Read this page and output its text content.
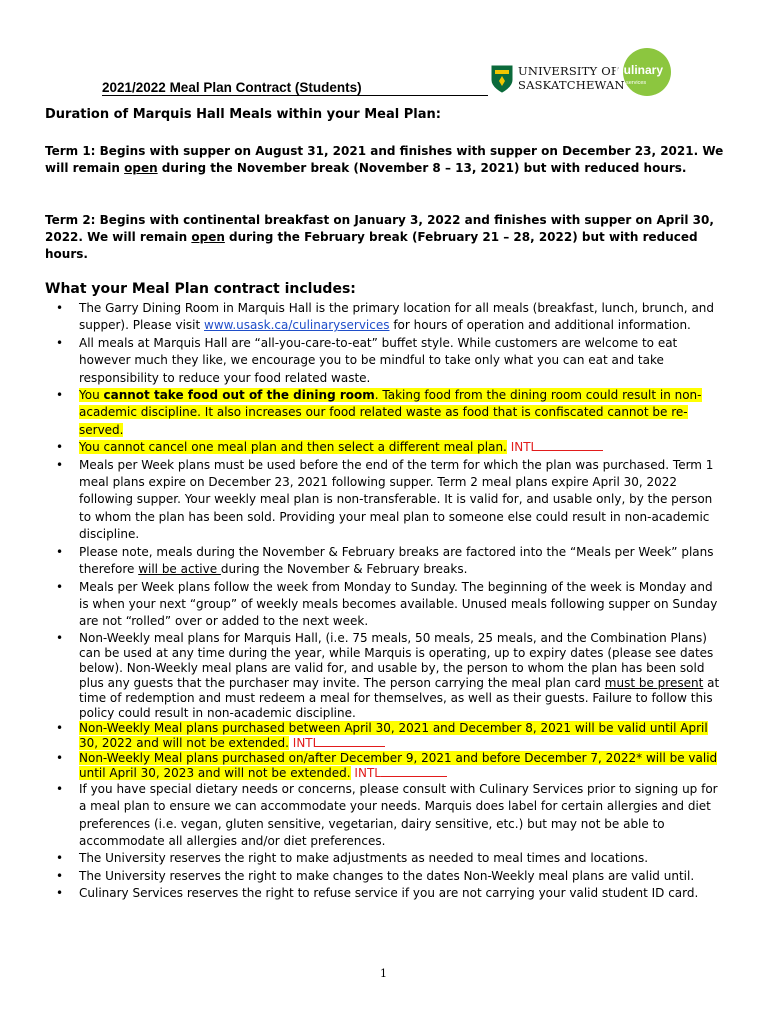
2021/2022 Meal Plan Contract (Students)
UNIVERSITY OF
SASKATCHEWAN
Culinary
services
Duration of Marquis Hall Meals within your Meal Plan:
Term 1: Begins with supper on August 31, 2021 and finishes with supper on December 23, 2021. We will remain open during the November break (November 8 – 13, 2021) but with reduced hours.
Term 2: Begins with continental breakfast on January 3, 2022 and finishes with supper on April 30, 2022. We will remain open during the February break (February 21 – 28, 2022) but with reduced hours.
What your Meal Plan contract includes:
• The Garry Dining Room in Marquis Hall is the primary location for all meals (breakfast, lunch, brunch, and supper). Please visit www.usask.ca/culinaryservices for hours of operation and additional information.
• All meals at Marquis Hall are “all-you-care-to-eat” buffet style. While customers are welcome to eat however much they like, we encourage you to be mindful to take only what you can eat and take responsibility to reduce your food related waste.
• You cannot take food out of the dining room. Taking food from the dining room could result in non-academic discipline. It also increases our food related waste as food that is confiscated cannot be re-served.
• You cannot cancel one meal plan and then select a different meal plan. INTL
• Meals per Week plans must be used before the end of the term for which the plan was purchased. Term 1 meal plans expire on December 23, 2021 following supper. Term 2 meal plans expire April 30, 2022 following supper. Your weekly meal plan is non-transferable. It is valid for, and usable only, by the person to whom the plan has been sold. Providing your meal plan to someone else could result in non-academic discipline.
• Please note, meals during the November & February breaks are factored into the “Meals per Week” plans therefore will be active during the November & February breaks.
• Meals per Week plans follow the week from Monday to Sunday. The beginning of the week is Monday and is when your next “group” of weekly meals becomes available. Unused meals following supper on Sunday are not “rolled” over or added to the next week.
• Non-Weekly meal plans for Marquis Hall, (i.e. 75 meals, 50 meals, 25 meals, and the Combination Plans) can be used at any time during the year, while Marquis is operating, up to expiry dates (please see dates below). Non-Weekly meal plans are valid for, and usable by, the person to whom the plan has been sold plus any guests that the purchaser may invite. The person carrying the meal plan card must be present at time of redemption and must redeem a meal for themselves, as well as their guests. Failure to follow this policy could result in non-academic discipline.
• Non-Weekly Meal plans purchased between April 30, 2021 and December 8, 2021 will be valid until April 30, 2022 and will not be extended. INTL
• Non-Weekly Meal plans purchased on/after December 9, 2021 and before December 7, 2022* will be valid until April 30, 2023 and will not be extended. INTL
• If you have special dietary needs or concerns, please consult with Culinary Services prior to signing up for a meal plan to ensure we can accommodate your needs. Marquis does label for certain allergies and diet preferences (i.e. vegan, gluten sensitive, vegetarian, dairy sensitive, etc.) but may not be able to accommodate all allergies and/or diet preferences.
• The University reserves the right to make adjustments as needed to meal times and locations.
• The University reserves the right to make changes to the dates Non-Weekly meal plans are valid until.
• Culinary Services reserves the right to refuse service if you are not carrying your valid student ID card.
1
